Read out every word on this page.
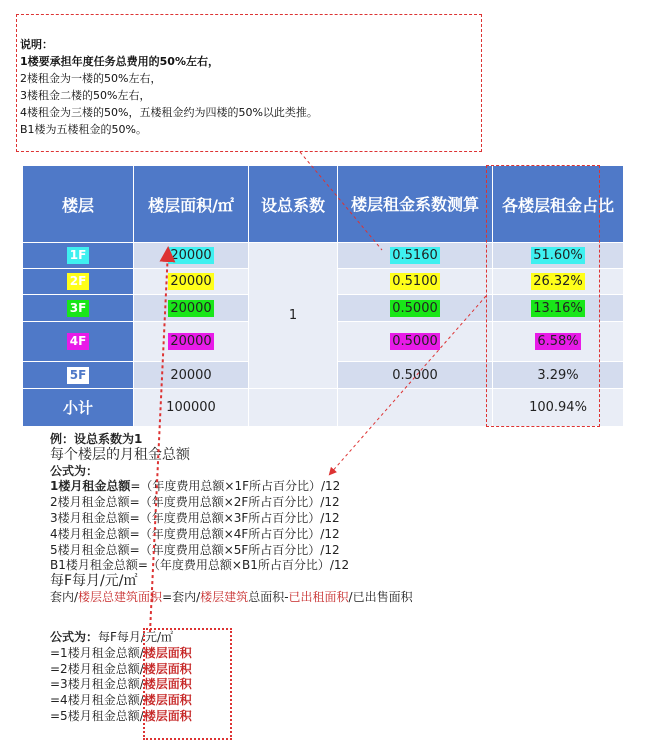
说明：
1楼要承担年度任务总费用的50%左右，
2楼租金为一楼的50%左右，
3楼租金二楼的50%左右，
4楼租金为三楼的50%，五楼租金约为四楼的50%以此类推。
B1楼为五楼租金的50%。
楼层	楼层面积/㎡	设总系数	楼层租金系数测算	各楼层租金占比
1F	20000	1	0.5160	51.60%
2F	20000		0.5100	26.32%
3F	20000		0.5000	13.16%
4F	20000		0.5000	6.58%
5F	20000		0.5000	3.29%
小计	100000			100.94%
例：设总系数为1
每个楼层的月租金总额
公式为：
1楼月租金总额=（年度费用总额×1F所占百分比）/12
2楼月租金总额=（年度费用总额×2F所占百分比）/12
3楼月租金总额=（年度费用总额×3F所占百分比）/12
4楼月租金总额=（年度费用总额×4F所占百分比）/12
5楼月租金总额=（年度费用总额×5F所占百分比）/12
B1楼月租金总额=（年度费用总额×B1所占百分比）/12
每F每月/元/㎡
套内/楼层总建筑面积=套内/楼层建筑总面积-已出租面积/已出售面积
公式为：每F每月/元/㎡
=1楼月租金总额/楼层面积
=2楼月租金总额/楼层面积
=3楼月租金总额/楼层面积
=4楼月租金总额/楼层面积
=5楼月租金总额/楼层面积
